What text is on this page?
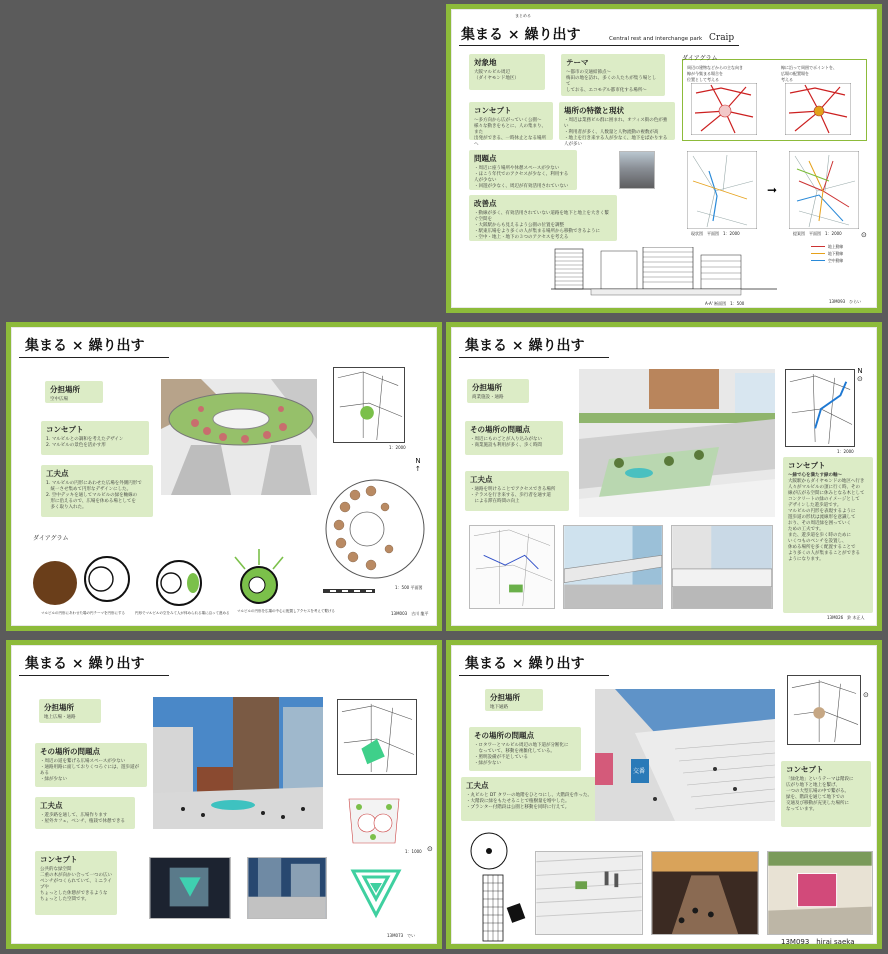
まとめる
集まる × 繰り出す	Central rest and interchange park Craip
対象地
大阪マルビル周辺
（ダイヤモンド地区）
テーマ
～都市の交通結節点～
梅田の地を訪れ、多くの人たちが集う場として
しておる、エコモデル都市化する場所～
コンセプト
～多方向から広がっていく公園～
様々な動きをもとに、人の集まり、また
出発ができる、一時休止となる場所へ
場所の特徴と現状
・周辺は業務ビル群に囲まれ、オフィス街の色が強い
・利用者が多く、人数量と人物流動の複数が高
・地上を行き来する人が少なく、地下をばかりする人が多い
問題点
・周辺に座う場所や休憩スペースが少ない
・ほこう年代でのアクセスが少なく、利用する人が少ない
・回遊が少なく、周辺が有効活用されていない
改善点
・動線が多く、有効活用されていない道路を地下と地上を大きく繋ぐ空間を
・大阪駅からも見えるよう公園の位置を調整
・駅東広場をより多くの人が集まる場所から移動できるように
・空中・地上・地下の３つのアクセスを考える
ダイアグラム
周辺の建物などからの主な向き
線が今集まる場合を
位置として考える
線に沿って周囲でポイントを、
広場の配置場を
考える
現状図　平面図　1：2000
➞
提案図　平面図　1：2000	⊙
地上動線
地下動線
空中動線
A-A' 断面図　1：500	13M093　ひらい
集まる × 繰り出す
分担場所
空中広場
コンセプト
1. マルビルとの調和を考えたデザイン
2. マルビルの景色を活かす形
工夫点
1. マルビルの円形にあわせた広場を外側円形で
　統一させ集めて円形なデザインにした。
2. 空中デッキを通してマルビルの緑を軸線の
　形に沿えるので、広場を休める場としてを
　多く取り入れた。
1：2000
N
↑
1：500 平面図
ダイアグラム
マルビルの円形にあわせた場の円テーマを円形にする	円形でマルビルの空をみて人が休められる場に沿って進める マルビルの円形を広場の中心に配置しアクセスを考えて繋げる	13M003　吉川 龍平
集まる × 繰り出す
分担場所
商業施設・通路
その場所の問題点
・周辺にものごとが入り込みがない
・商業施設も利用が多く、歩く時間
工夫点
・通路を明けることでアクセスできる場所
・テラスを行き来する、歩行者を通す道
　による滞在時間の向上
N
⊙
1：2000
コンセプト
～緑で心を満たす緑の軸～
大阪駅からダイヤモンドの地区へ行き
人々がマルビルの頂に行く時、その
線が広がる空間に休みとなる木として
コンクリートの緑のイメージとして
デザインした遊歩道です。
マルビルの円形を表現するように
遊歩道の形状は流線形を意識して
おり、その周辺緑を囲っていく
ための工夫です。
また、遊歩道を歩く時のために
いくつものベンチを設置し、
休める場所を多く配置することで
より多くの人が集まることができる
ようになります。
13M026　鈴 木正人
集まる × 繰り出す
分担場所
地上広場・通路
その場所の問題点
・周辺の道を繋げる広場スペースが少ない
・通路用路に面しておりくつろぐには、遊歩道がある
・緑が少ない
工夫点
・遊歩路を通して、広場作ります
・屋外カフェ、ベンチ、植栽で休憩できる
コンセプト
公共的な緑空間
二重の木が向かい合って一つの広い
ベンチがつくられていて、ミニライプや
ちょっとした休憩ができるような
ちょっとした空間です。
1：1000 ⊙
13M073　でい
集まる × 繰り出す
分担場所
地下通路
その場所の問題点
・ロタワーとマルビル周辺の地下道が分断化に
　なっていて、移動を複雑化している。
・照明設備が不足している
・緑が少ない
工夫点
・丸ビルと DT タワーの地階をひとつにし、大階段を作った。
・大階段に緑をもたせることで植樹量を増やした。
・プランター付階段は公園と移動を同時に行えて。
交番
⊙
コンセプト
「緑化地」というテーマは階段に
広がり地下と地上を繋げ、
一つの大型広場の中で繋がる。
緑を、階段を通じて地下での
交通及び移動が充実した場所に
なっています。
13M093　hirai saeka
